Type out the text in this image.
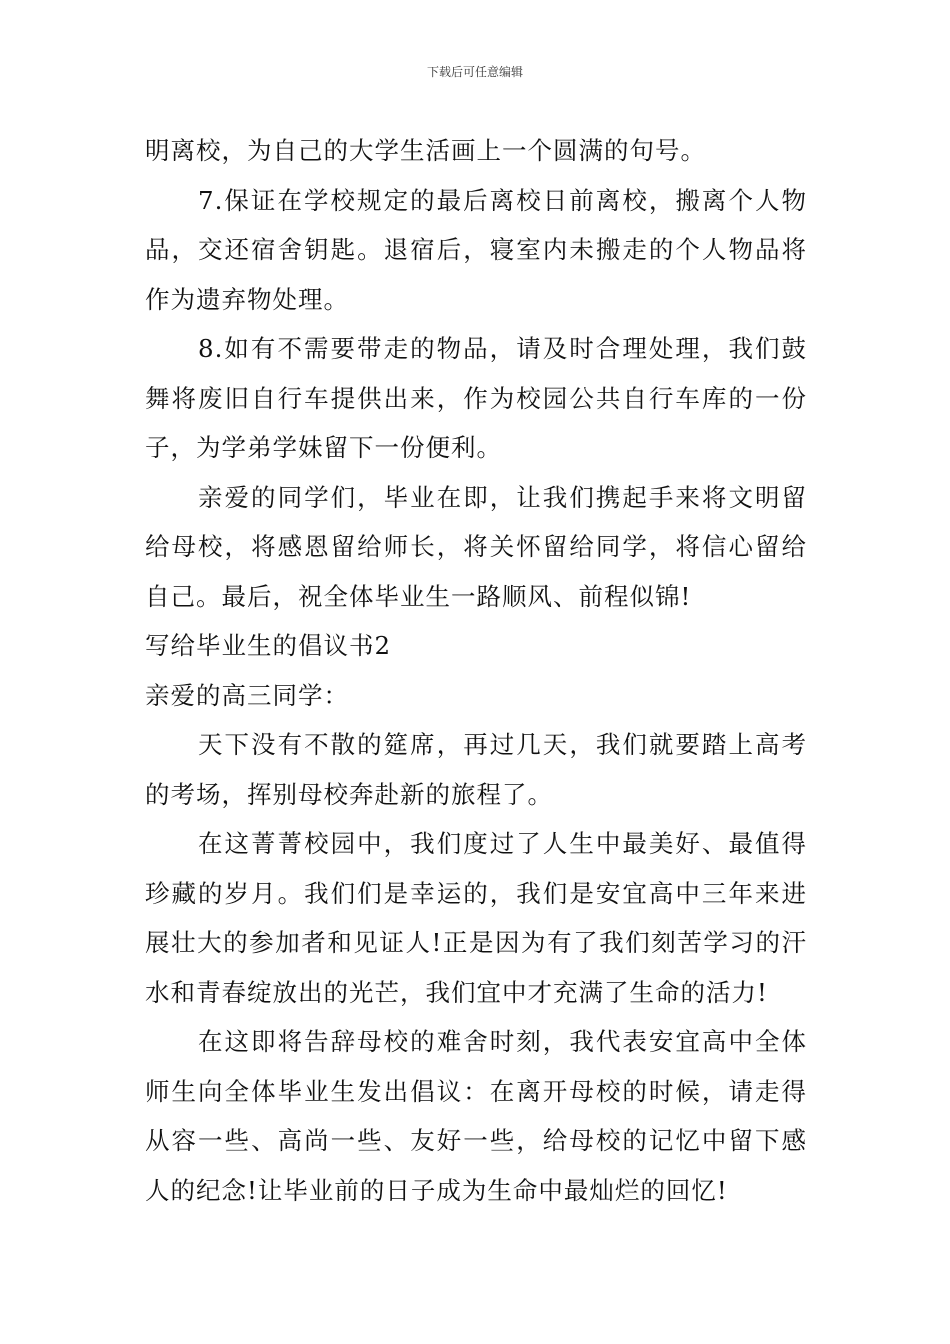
下载后可任意编辑

明离校，为自己的大学生活画上一个圆满的句号。

7.保证在学校规定的最后离校日前离校，搬离个人物品，交还宿舍钥匙。退宿后，寝室内未搬走的个人物品将作为遗弃物处理。

8.如有不需要带走的物品，请及时合理处理，我们鼓舞将废旧自行车提供出来，作为校园公共自行车库的一份子，为学弟学妹留下一份便利。

亲爱的同学们，毕业在即，让我们携起手来将文明留给母校，将感恩留给师长，将关怀留给同学，将信心留给自己。最后，祝全体毕业生一路顺风、前程似锦!

写给毕业生的倡议书2

亲爱的高三同学：

天下没有不散的筵席，再过几天，我们就要踏上高考的考场，挥别母校奔赴新的旅程了。

在这菁菁校园中，我们度过了人生中最美好、最值得珍藏的岁月。我们们是幸运的，我们是安宜高中三年来进展壮大的参加者和见证人!正是因为有了我们刻苦学习的汗水和青春绽放出的光芒，我们宜中才充满了生命的活力!

在这即将告辞母校的难舍时刻，我代表安宜高中全体师生向全体毕业生发出倡议：在离开母校的时候，请走得从容一些、高尚一些、友好一些，给母校的记忆中留下感人的纪念!让毕业前的日子成为生命中最灿烂的回忆!
